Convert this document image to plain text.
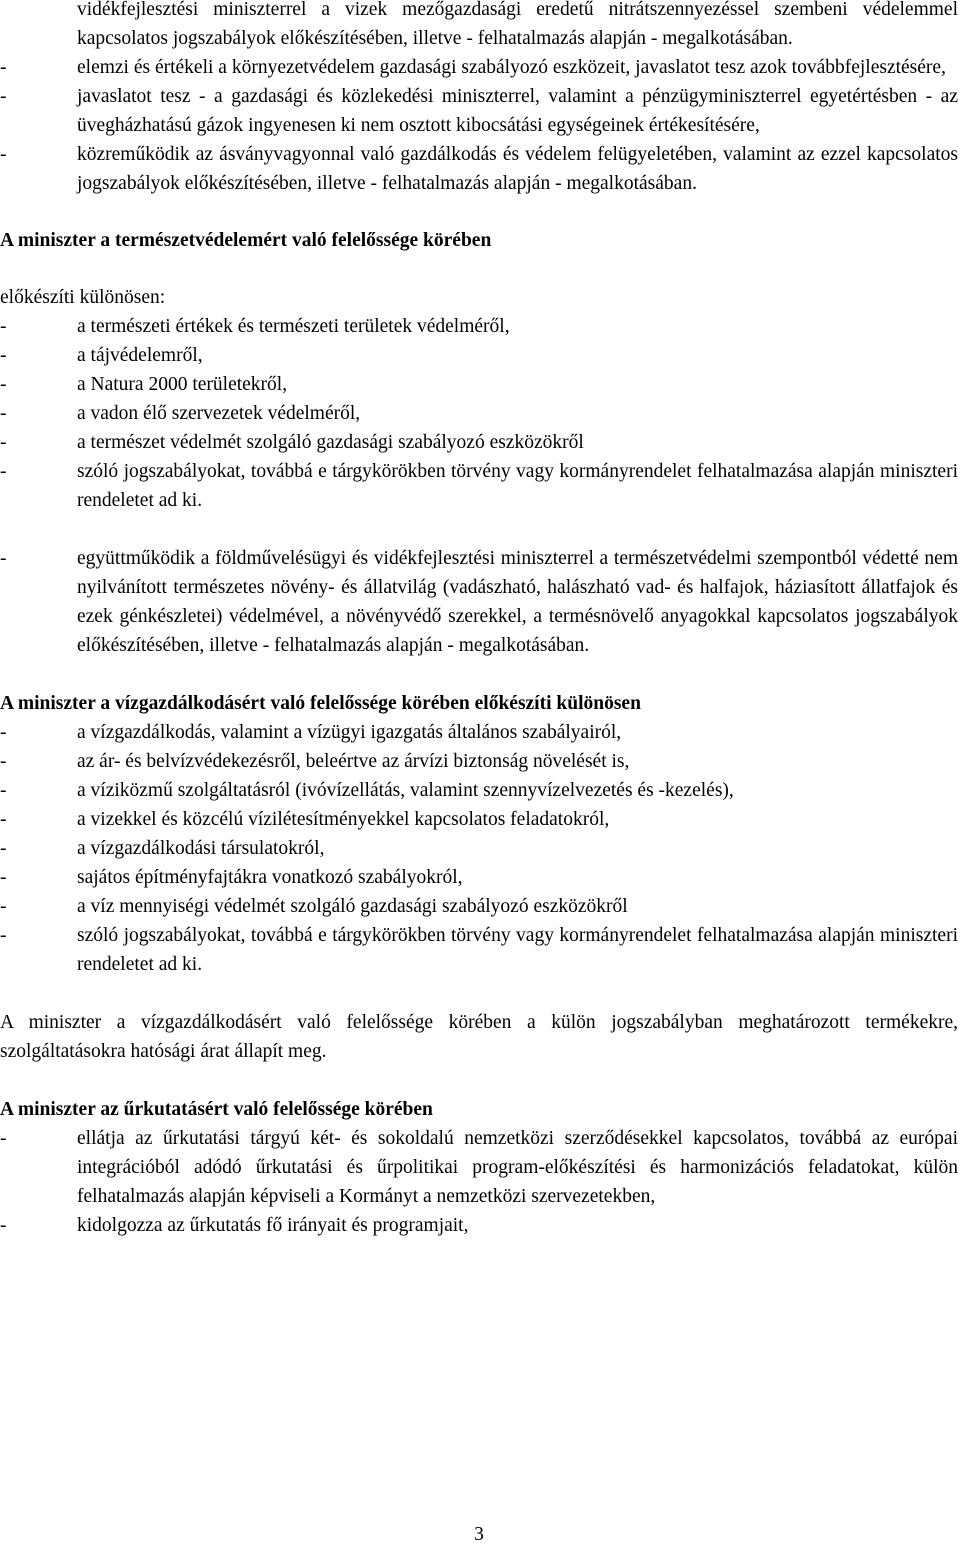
vidékfejlesztési miniszterrel a vizek mezőgazdasági eredetű nitrátszennyezéssel szembeni védelemmel kapcsolatos jogszabályok előkészítésében, illetve - felhatalmazás alapján - megalkotásában.

-	elemzi és értékeli a környezetvédelem gazdasági szabályozó eszközeit, javaslatot tesz azok továbbfejlesztésére,
-	javaslatot tesz - a gazdasági és közlekedési miniszterrel, valamint a pénzügyminiszterrel egyetértésben - az üvegházhatású gázok ingyenesen ki nem osztott kibocsátási egységeinek értékesítésére,
-	közreműködik az ásványvagyonnal való gazdálkodás és védelem felügyeletében, valamint az ezzel kapcsolatos jogszabályok előkészítésében, illetve - felhatalmazás alapján - megalkotásában.

A miniszter a természetvédelemért való felelőssége körében

előkészíti különösen:

-	a természeti értékek és természeti területek védelméről,
-	a tájvédelemről,
-	a Natura 2000 területekről,
-	a vadon élő szervezetek védelméről,
-	a természet védelmét szolgáló gazdasági szabályozó eszközökről
-	szóló jogszabályokat, továbbá e tárgykörökben törvény vagy kormányrendelet felhatalmazása alapján miniszteri rendeletet ad ki.
-	együttműködik a földművelésügyi és vidékfejlesztési miniszterrel a természetvédelmi szempontból védetté nem nyilvánított természetes növény- és állatvilág (vadászható, halászható vad- és halfajok, háziasított állatfajok és ezek génkészletei) védelmével, a növényvédő szerekkel, a termésnövelő anyagokkal kapcsolatos jogszabályok előkészítésében, illetve - felhatalmazás alapján - megalkotásában.

A miniszter a vízgazdálkodásért való felelőssége körében előkészíti különösen

-	a vízgazdálkodás, valamint a vízügyi igazgatás általános szabályairól,
-	az ár- és belvízvédekezésről, beleértve az árvízi biztonság növelését is,
-	a víziközmű szolgáltatásról (ivóvízellátás, valamint szennyvízelvezetés és -kezelés),
-	a vizekkel és közcélú vízilétesítményekkel kapcsolatos feladatokról,
-	a vízgazdálkodási társulatokról,
-	sajátos építményfajtákra vonatkozó szabályokról,
-	a víz mennyiségi védelmét szolgáló gazdasági szabályozó eszközökről
-	szóló jogszabályokat, továbbá e tárgykörökben törvény vagy kormányrendelet felhatalmazása alapján miniszteri rendeletet ad ki.

A miniszter a vízgazdálkodásért való felelőssége körében a külön jogszabályban meghatározott termékekre, szolgáltatásokra hatósági árat állapít meg.

A miniszter az űrkutatásért való felelőssége körében

-	ellátja az űrkutatási tárgyú két- és sokoldalú nemzetközi szerződésekkel kapcsolatos, továbbá az európai integrációból adódó űrkutatási és űrpolitikai program-előkészítési és harmonizációs feladatokat, külön felhatalmazás alapján képviseli a Kormányt a nemzetközi szervezetekben,
-	kidolgozza az űrkutatás fő irányait és programjait,
3
